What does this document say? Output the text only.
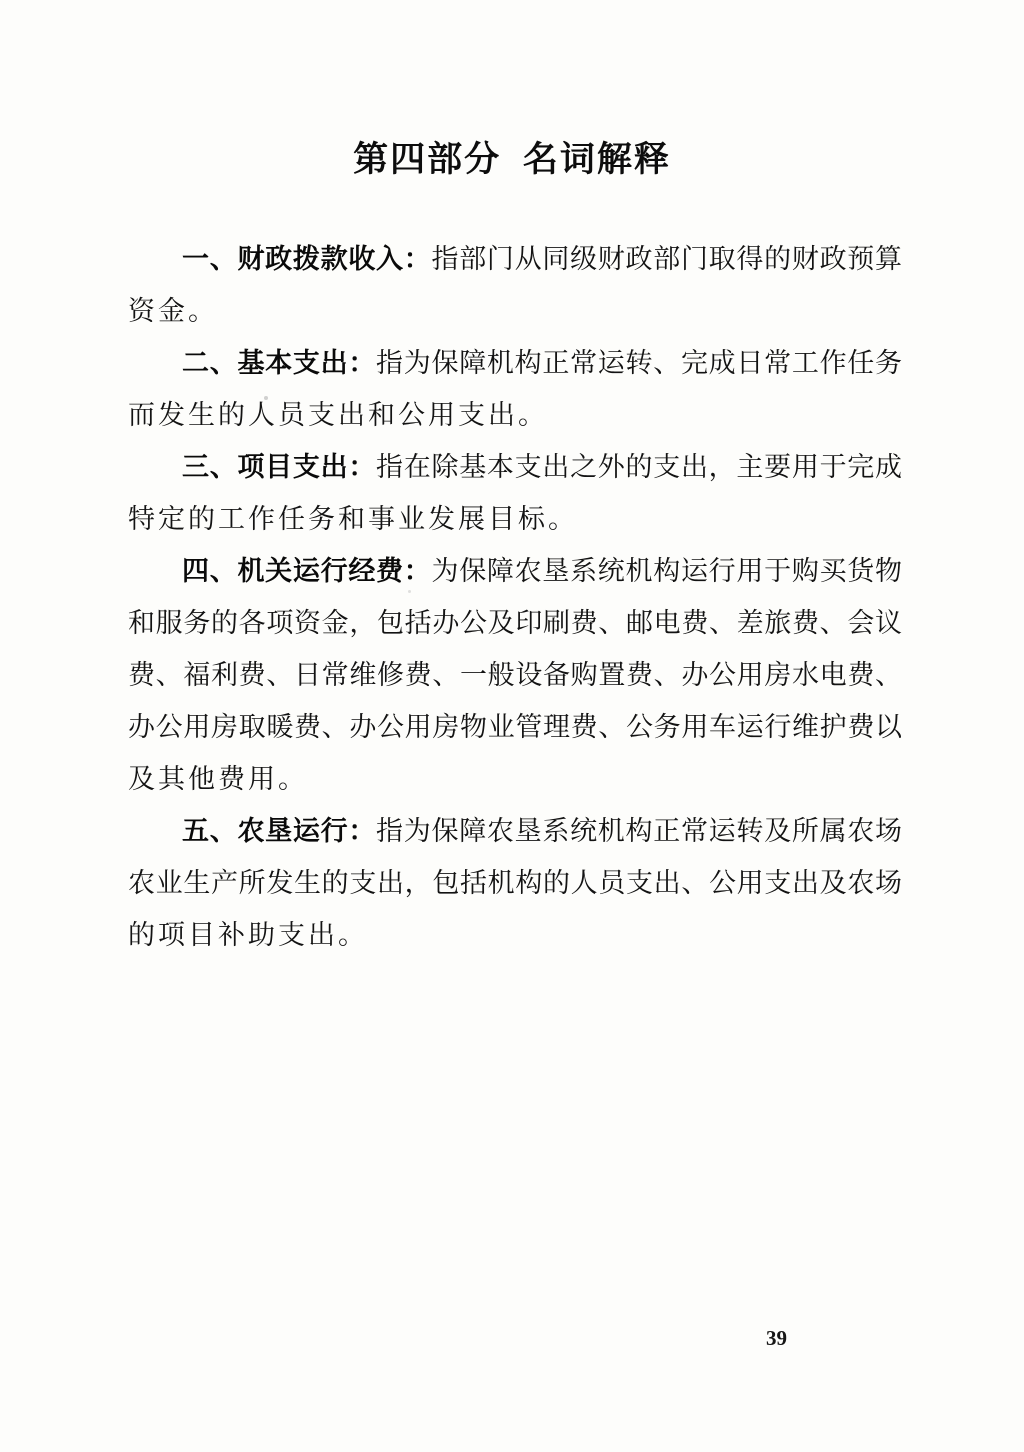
第四部分 名词解释
一、财政拨款收入：指部门从同级财政部门取得的财政预算
资金。
二、基本支出：指为保障机构正常运转、完成日常工作任务
而发生的人员支出和公用支出。
三、项目支出：指在除基本支出之外的支出，主要用于完成
特定的工作任务和事业发展目标。
四、机关运行经费：为保障农垦系统机构运行用于购买货物
和服务的各项资金，包括办公及印刷费、邮电费、差旅费、会议
费、福利费、日常维修费、一般设备购置费、办公用房水电费、
办公用房取暖费、办公用房物业管理费、公务用车运行维护费以
及其他费用。
五、农垦运行：指为保障农垦系统机构正常运转及所属农场
农业生产所发生的支出，包括机构的人员支出、公用支出及农场
的项目补助支出。
39
